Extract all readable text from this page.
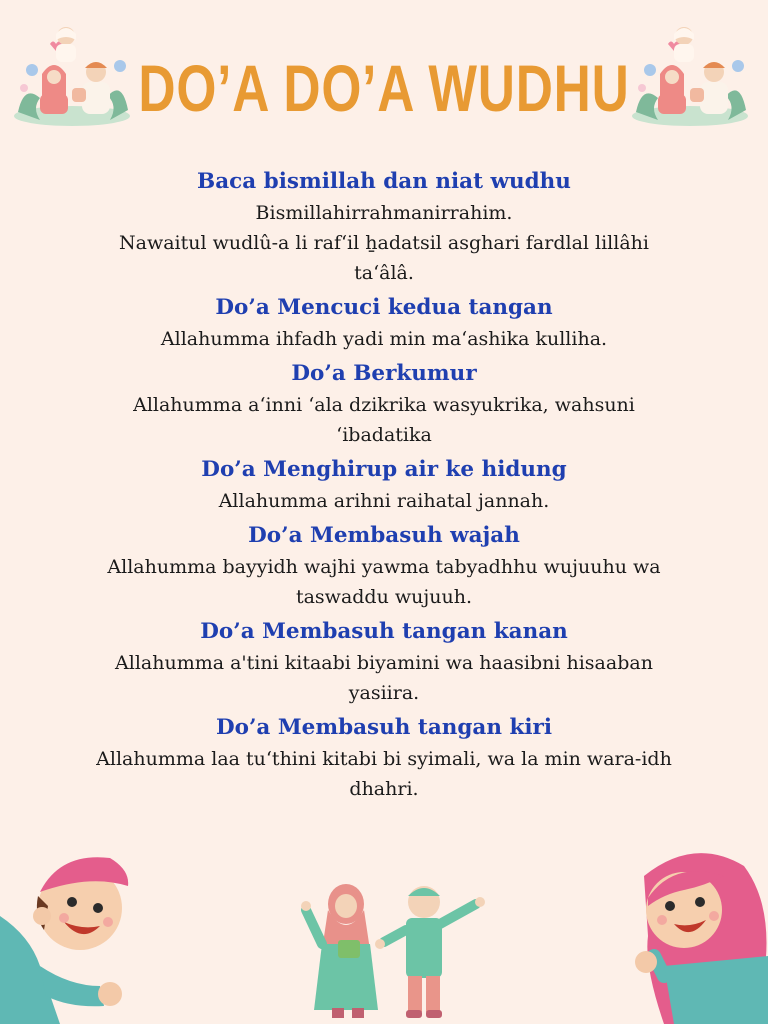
DO’A DO’A WUDHU
Baca bismillah dan niat wudhu
Bismillahirrahmanirrahim.
Nawaitul wudlû-a li raf‘il ẖadatsil asghari fardlal lillâhi
ta‘âlâ.
Do’a Mencuci kedua tangan
Allahumma ihfadh yadi min ma‘ashika kulliha.
Do’a Berkumur
Allahumma a‘inni ‘ala dzikrika wasyukrika, wahsuni
‘ibadatika
Do’a Menghirup air ke hidung
Allahumma arihni raihatal jannah.
Do’a Membasuh wajah
Allahumma bayyidh wajhi yawma tabyadhhu wujuuhu wa
taswaddu wujuuh.
Do’a Membasuh tangan kanan
Allahumma a'tini kitaabi biyamini wa haasibni hisaaban
yasiira.
Do’a Membasuh tangan kiri
Allahumma laa tu‘thini kitabi bi syimali, wa la min wara-idh
dhahri.
